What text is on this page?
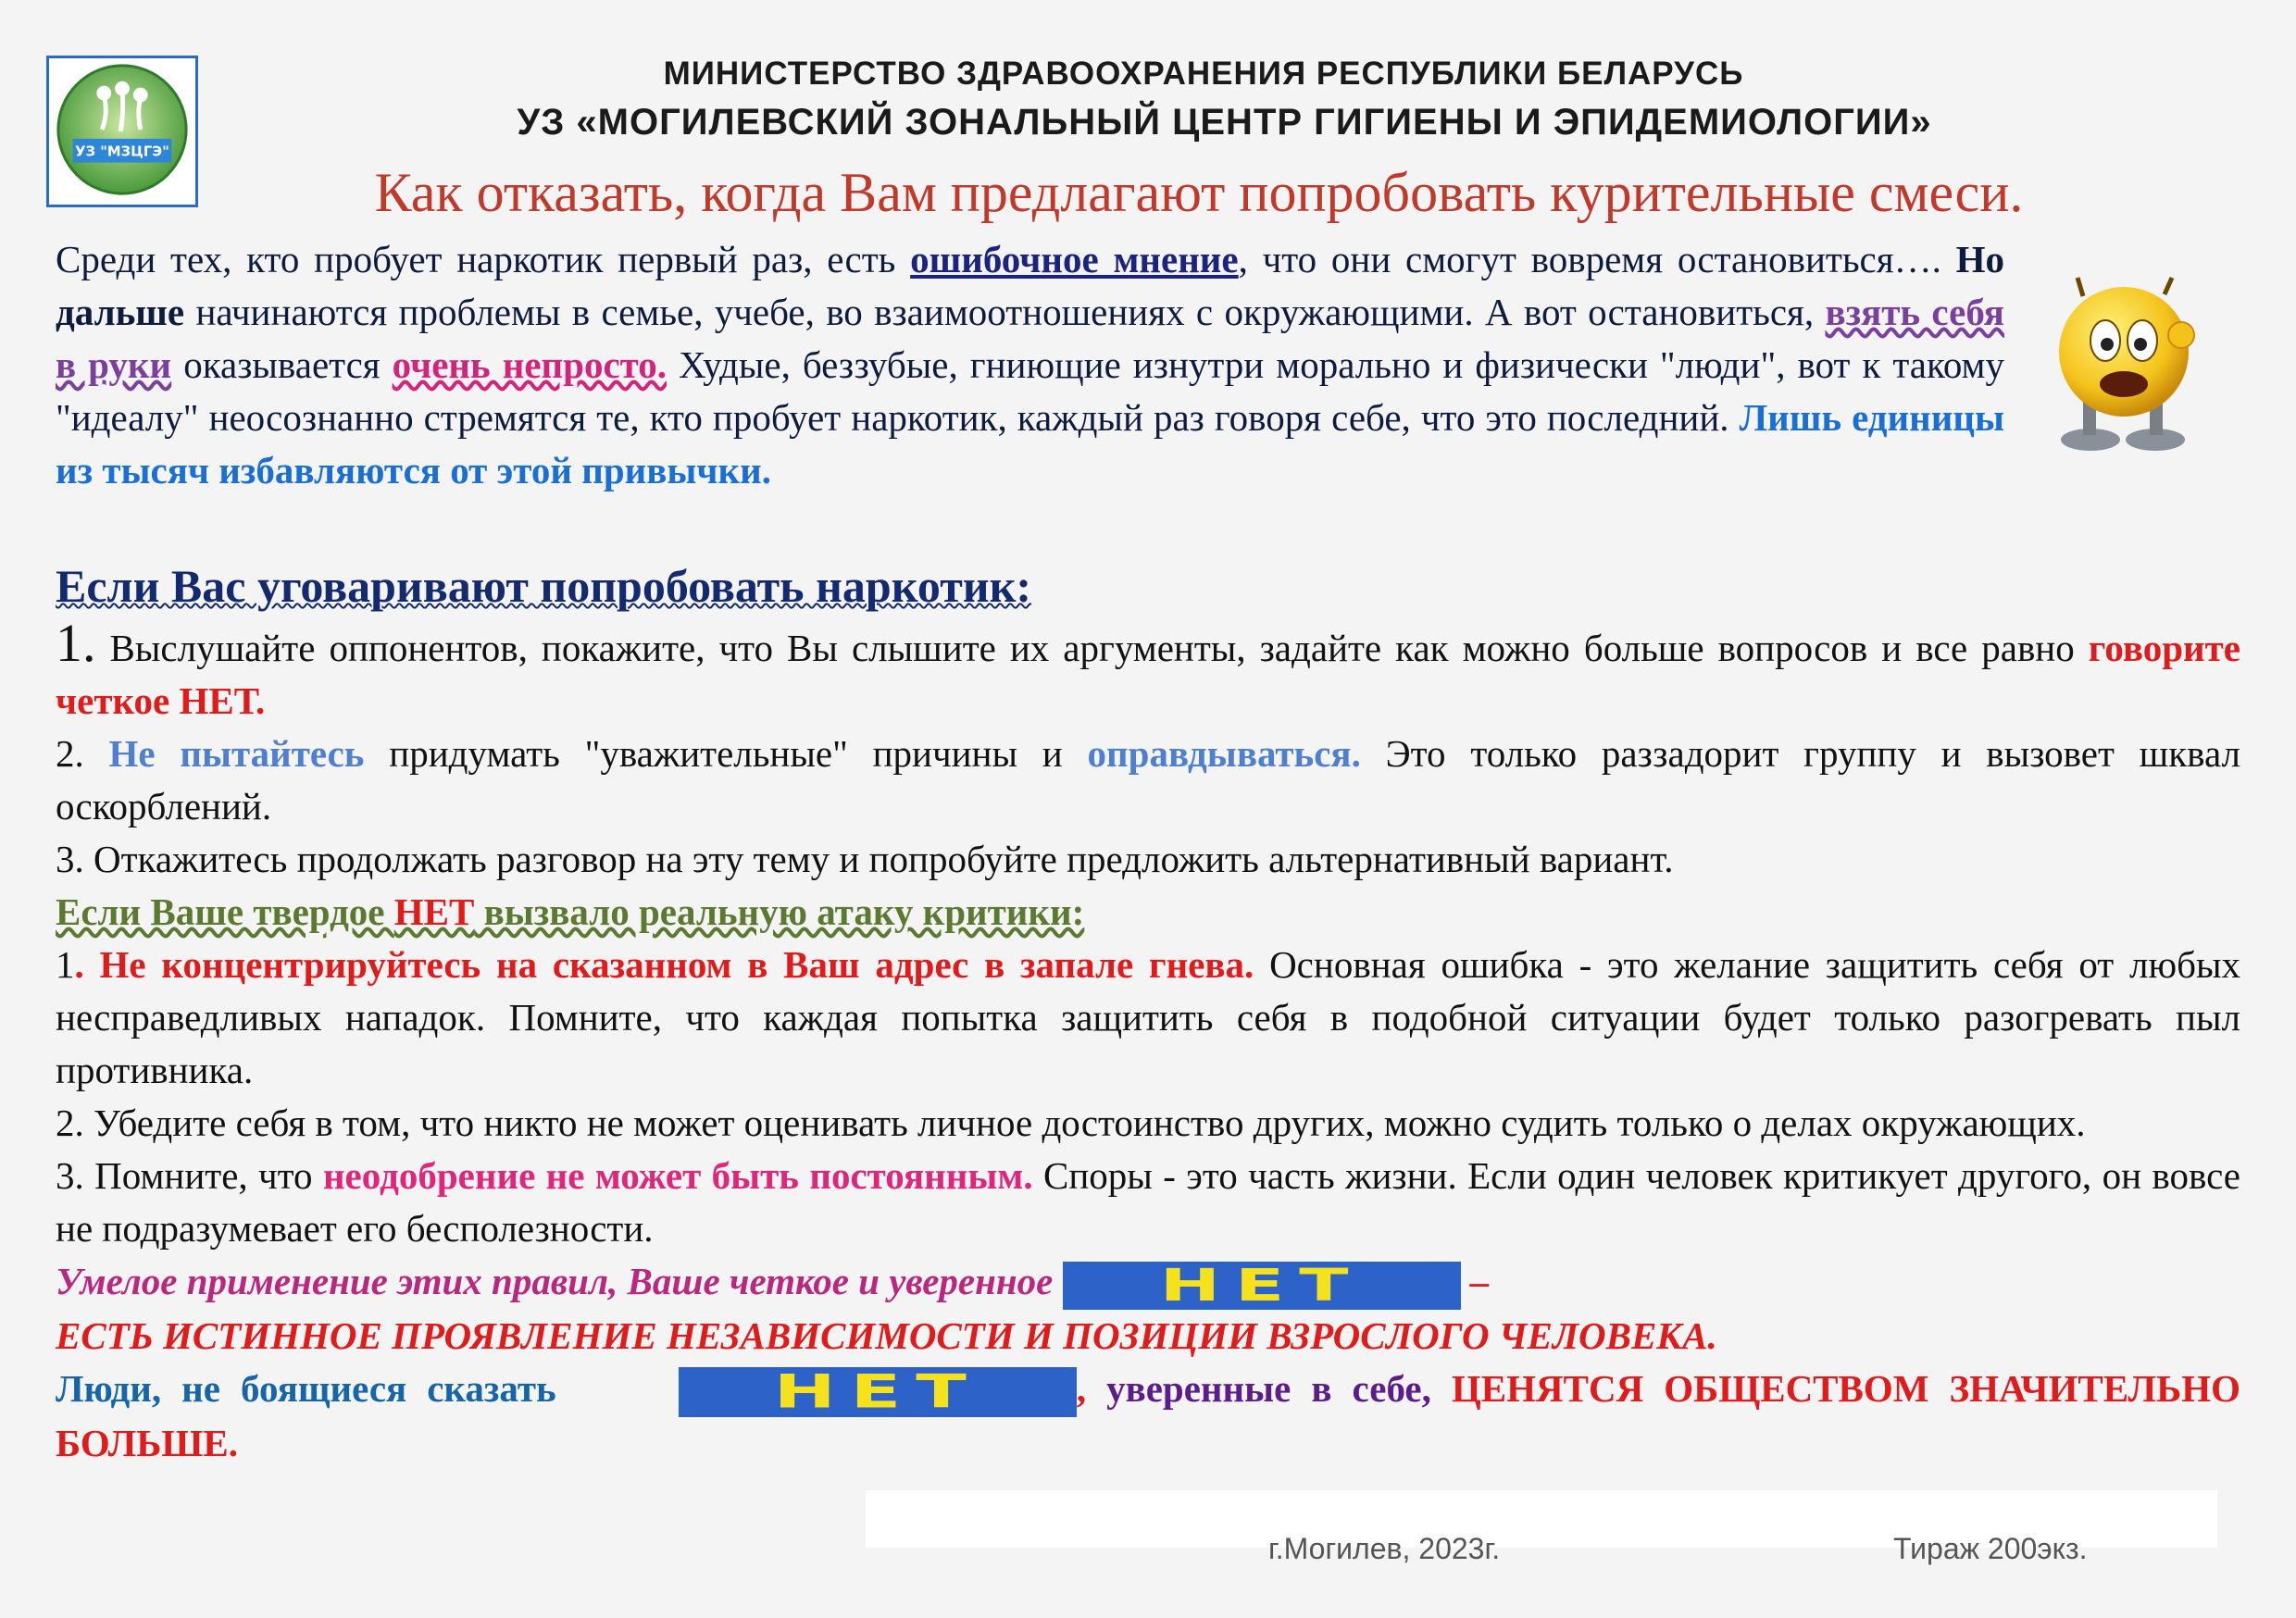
УЗ "МЗЦГЭ"
МИНИСТЕРСТВО ЗДРАВООХРАНЕНИЯ РЕСПУБЛИКИ БЕЛАРУСЬ
УЗ «МОГИЛЕВСКИЙ ЗОНАЛЬНЫЙ ЦЕНТР ГИГИЕНЫ И ЭПИДЕМИОЛОГИИ»
Как отказать, когда Вам предлагают попробовать курительные смеси.
Среди тех, кто пробует наркотик первый раз, есть ошибочное мнение, что они смогут вовремя остановиться…. Но дальше начинаются проблемы в семье, учебе, во взаимоотношениях с окружающими. А вот остановиться, взять себя в руки оказывается очень непросто. Худые, беззубые, гниющие изнутри морально и физически "люди", вот к такому "идеалу" неосознанно стремятся те, кто пробует наркотик, каждый раз говоря себе, что это последний. Лишь единицы из тысяч избавляются от этой привычки.

Если Вас уговаривают попробовать наркотик:

1. Выслушайте оппонентов, покажите, что Вы слышите их аргументы, задайте как можно больше вопросов и все равно говорите четкое НЕТ.

2. Не пытайтесь придумать "уважительные" причины и оправдываться. Это только раззадорит группу и вызовет шквал оскорблений.

3. Откажитесь продолжать разговор на эту тему и попробуйте предложить альтернативный вариант.

Если Ваше твердое НЕТ вызвало реальную атаку критики:

1. Не концентрируйтесь на сказанном в Ваш адрес в запале гнева. Основная ошибка - это желание защитить себя от любых несправедливых нападок. Помните, что каждая попытка защитить себя в подобной ситуации будет только разогревать пыл противника.

2. Убедите себя в том, что никто не может оценивать личное достоинство других, можно судить только о делах окружающих.

3. Помните, что неодобрение не может быть постоянным. Споры - это часть жизни. Если один человек критикует другого, он вовсе не подразумевает его бесполезности.

Умелое применение этих правил, Ваше четкое и уверенное	НЕТ	–

ЕСТЬ ИСТИННОЕ ПРОЯВЛЕНИЕ НЕЗАВИСИМОСТИ И ПОЗИЦИИ ВЗРОСЛОГО ЧЕЛОВЕКА.

Люди, не боящиеся сказать	НЕТ	, уверенные в себе, ЦЕНЯТСЯ ОБЩЕСТВОМ ЗНАЧИТЕЛЬНО БОЛЬШЕ.

г.Могилев, 2023г.	Тираж 200экз.
